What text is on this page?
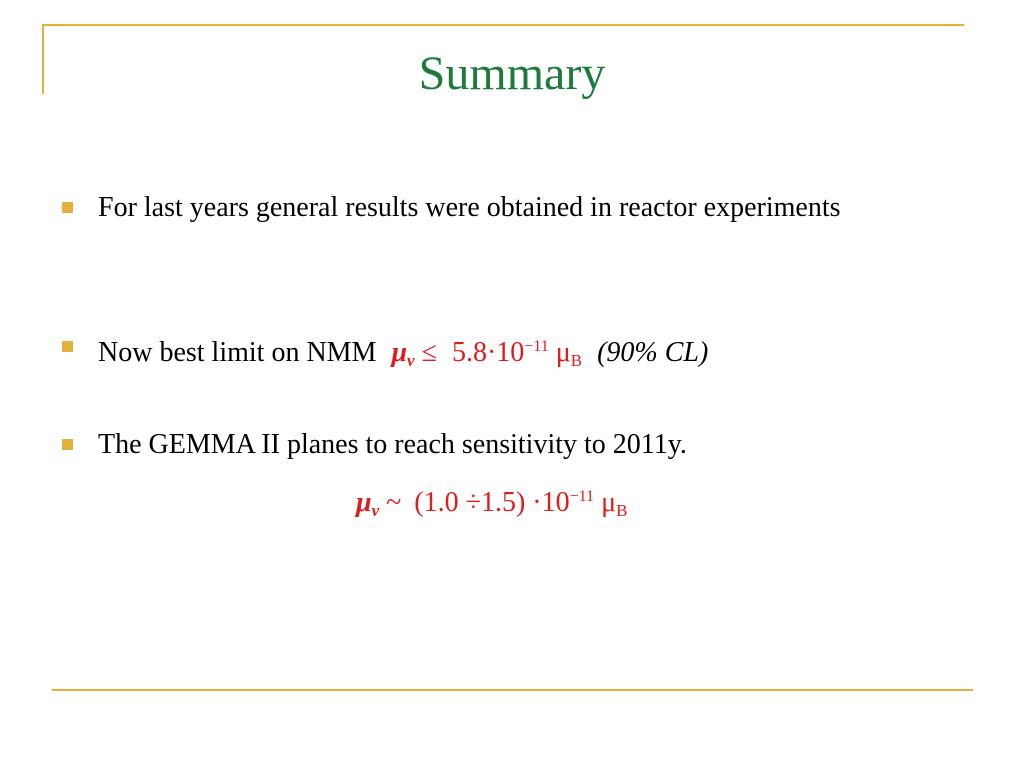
Summary
For last years general results were obtained in reactor experiments
Now best limit on NMM $\mu_\nu \le 5.8\cdot 10^{-11}$ $\mu_B$ (90% CL)
The GEMMA II planes to reach sensitivity to 2011y.
$\mu_\nu$ ~ $(1.0 \div 1.5) \cdot 10^{-11}$ $\mu_B$
